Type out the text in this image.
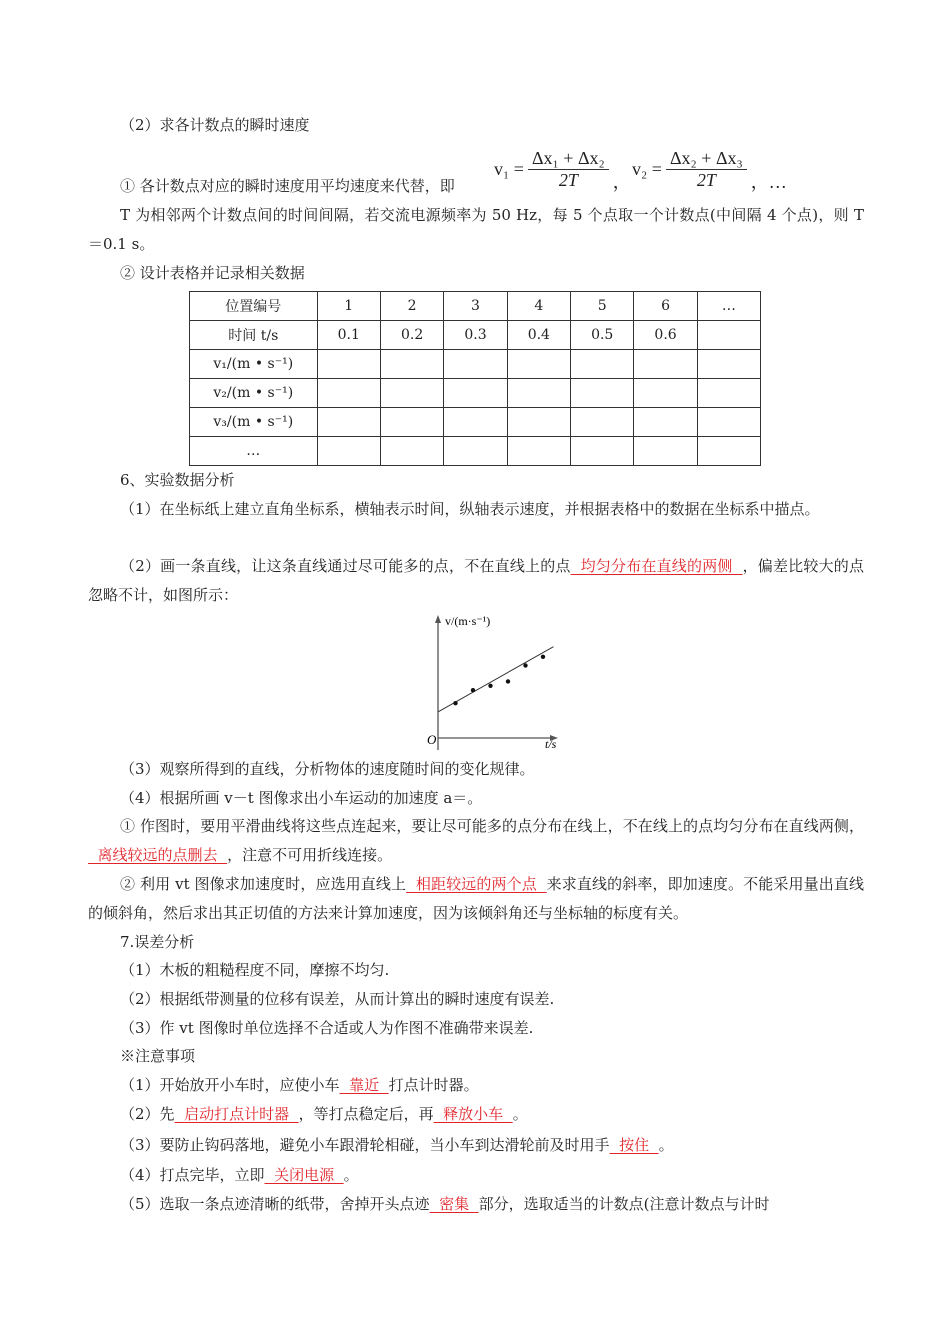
（2）求各计数点的瞬时速度
① 各计数点对应的瞬时速度用平均速度来代替，即
$v_1 = \frac{\text{Δx₁ + Δx₂}}{2T}$ ，
$v_2 = \frac{\text{Δx₂ + Δx₃}}{2T}$ ，…
T 为相邻两个计数点间的时间间隔，若交流电源频率为 50 Hz，每 5 个点取一个计数点(中间隔 4 个点)，则 T＝0.1 s。
② 设计表格并记录相关数据
位置编号	1	2	3	4	5	6	…
时间 t/s	0.1	0.2	0.3	0.4	0.5	0.6	
v₁/(m • s⁻¹)							
v₂/(m • s⁻¹)							
v₃/(m • s⁻¹)							
…							
6、实验数据分析
（1）在坐标纸上建立直角坐标系，横轴表示时间，纵轴表示速度，并根据表格中的数据在坐标系中描点。
（2）画一条直线，让这条直线通过尽可能多的点，不在直线上的点  均匀分布在直线的两侧  ，偏差比较大的点忽略不计，如图所示：
（3）观察所得到的直线，分析物体的速度随时间的变化规律。
（4）根据所画 v－t 图像求出小车运动的加速度 a＝。
① 作图时，要用平滑曲线将这些点连起来，要让尽可能多的点分布在线上，不在线上的点均匀分布在直线两侧，  离线较远的点删去  ，注意不可用折线连接。
② 利用 vt 图像求加速度时，应选用直线上  相距较远的两个点  来求直线的斜率，即加速度。不能采用量出直线的倾斜角，然后求出其正切值的方法来计算加速度，因为该倾斜角还与坐标轴的标度有关。
7.误差分析
（1）木板的粗糙程度不同，摩擦不均匀.
（2）根据纸带测量的位移有误差，从而计算出的瞬时速度有误差.
（3）作 vt 图像时单位选择不合适或人为作图不准确带来误差.
※注意事项
（1）开始放开小车时，应使小车  靠近  打点计时器。
（2）先  启动打点计时器  ，等打点稳定后，再  释放小车  。
（3）要防止钩码落地，避免小车跟滑轮相碰，当小车到达滑轮前及时用手  按住  。
（4）打点完毕，立即  关闭电源  。
（5）选取一条点迹清晰的纸带，舍掉开头点迹  密集  部分，选取适当的计数点(注意计数点与计时
v/(m·s⁻¹)
t/s
O
